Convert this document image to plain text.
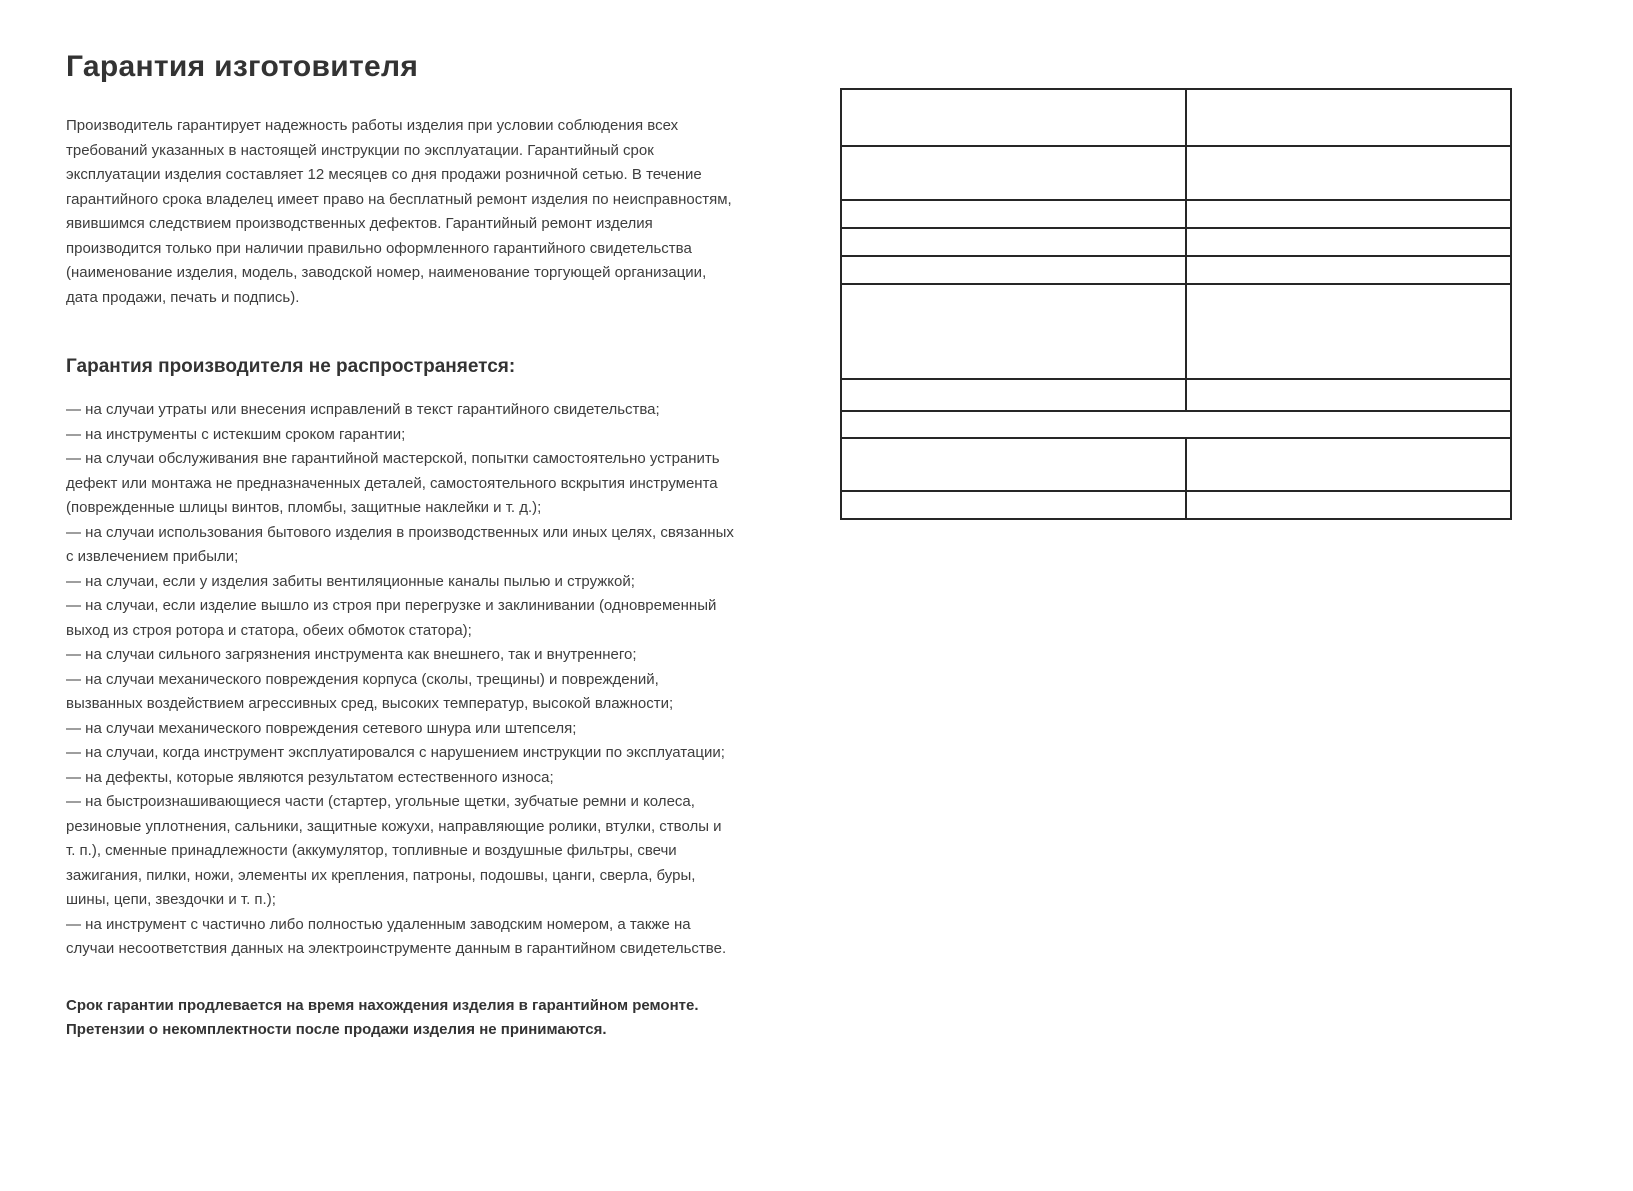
Гарантия изготовителя

Производитель гарантирует надежность работы изделия при условии соблюдения всех требований указанных в настоящей инструкции по эксплуатации. Гарантийный срок эксплуатации изделия составляет 12 месяцев со дня продажи розничной сетью. В течение гарантийного срока владелец имеет право на бесплатный ремонт изделия по неисправностям, явившимся следствием производственных дефектов. Гарантийный ремонт изделия производится только при наличии правильно оформленного гарантийного свидетельства (наименование изделия, модель, заводской номер, наименование торгующей организации, дата продажи, печать и подпись).

Гарантия производителя не распространяется:
— на случаи утраты или внесения исправлений в текст гарантийного свидетельства;
— на инструменты с истекшим сроком гарантии;
— на случаи обслуживания вне гарантийной мастерской, попытки самостоятельно устранить дефект или монтажа не предназначенных деталей, самостоятельного вскрытия инструмента (поврежденные шлицы винтов, пломбы, защитные наклейки и т. д.);
— на случаи использования бытового изделия в производственных или иных целях, связанных с извлечением прибыли;
— на случаи, если у изделия забиты вентиляционные каналы пылью и стружкой;
— на случаи, если изделие вышло из строя при перегрузке и заклинивании (одновременный выход из строя ротора и статора, обеих обмоток статора);
— на случаи сильного загрязнения инструмента как внешнего, так и внутреннего;
— на случаи механического повреждения корпуса (сколы, трещины) и повреждений, вызванных воздействием агрессивных сред, высоких температур, высокой влажности;
— на случаи механического повреждения сетевого шнура или штепселя;
— на случаи, когда инструмент эксплуатировался с нарушением инструкции по эксплуатации;
— на дефекты, которые являются результатом естественного износа;
— на быстроизнашивающиеся части (стартер, угольные щетки, зубчатые ремни и колеса, резиновые уплотнения, сальники, защитные кожухи, направляющие ролики, втулки, стволы и т. п.), сменные принадлежности (аккумулятор, топливные и воздушные фильтры, свечи зажигания, пилки, ножи, элементы их крепления, патроны, подошвы, цанги, сверла, буры, шины, цепи, звездочки и т. п.);
— на инструмент с частично либо полностью удаленным заводским номером, а также на случаи несоответствия данных на электроинструменте данным в гарантийном свидетельстве.
Срок гарантии продлевается на время нахождения изделия в гарантийном ремонте.
Претензии о некомплектности после продажи изделия не принимаются.
